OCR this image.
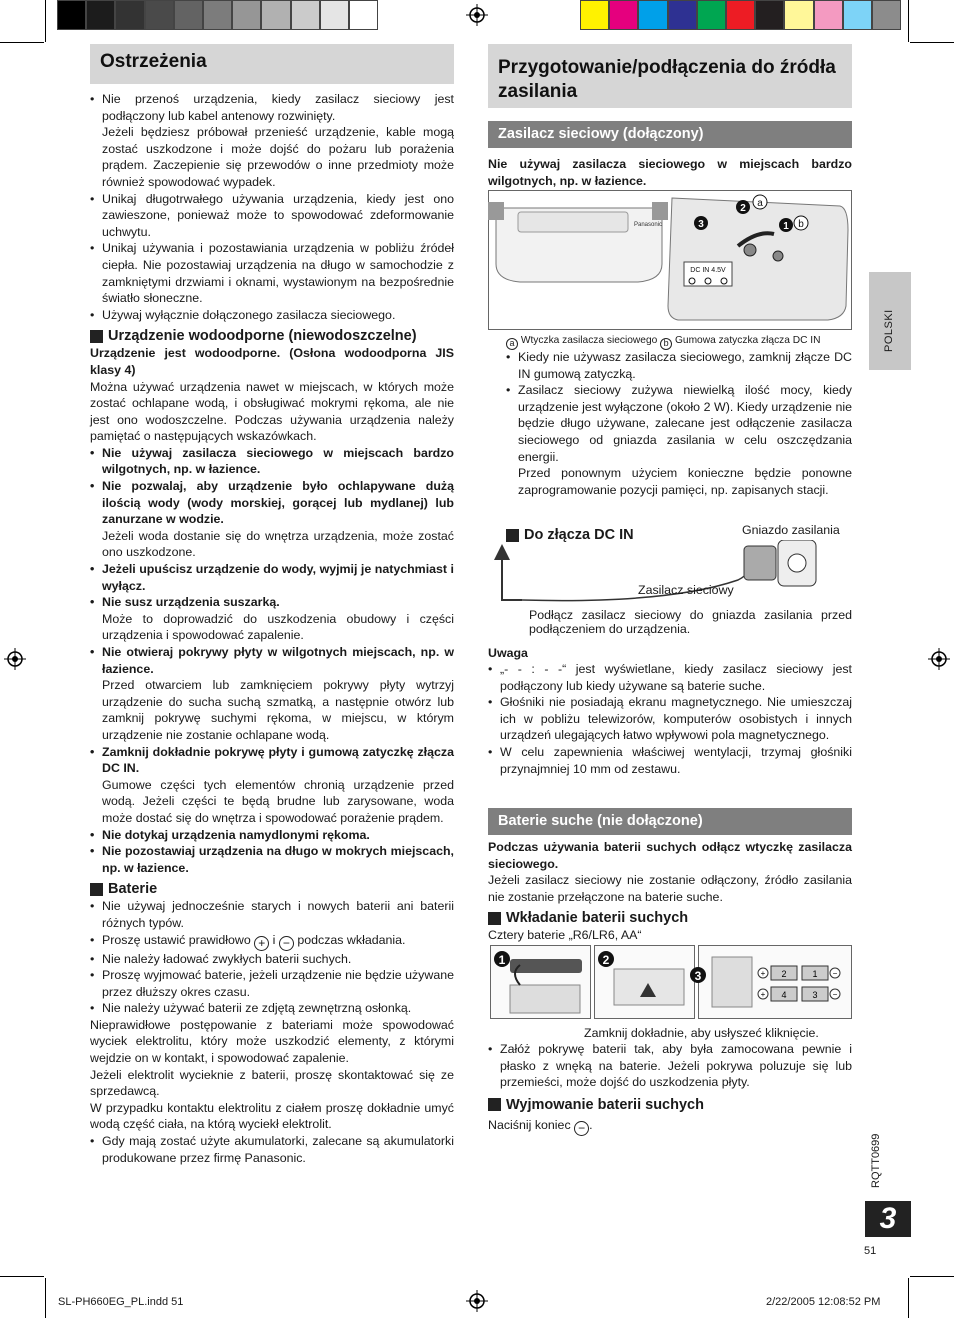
Ostrzeżenia
• Nie przenoś urządzenia, kiedy zasilacz sieciowy jest podłączony lub kabel antenowy rozwinięty.
Jeżeli będziesz próbował przenieść urządzenie, kable mogą zostać uszkodzone i może dojść do pożaru lub porażenia prądem. Zaczepienie się przewodów o inne przedmioty może również spowodować wypadek.
• Unikaj długotrwałego używania urządzenia, kiedy jest ono zawieszone, ponieważ może to spowodować zdeformowanie uchwytu.
• Unikaj używania i pozostawiania urządzenia w pobliżu źródeł ciepła. Nie pozostawiaj urządzenia na długo w samochodzie z zamkniętymi drzwiami i oknami, wystawionym na bezpośrednie światło słoneczne.
• Używaj wyłącznie dołączonego zasilacza sieciowego.
Urządzenie wodoodporne (niewodoszczelne)

Urządzenie jest wodoodporne. (Osłona wodoodporna JIS klasy 4)

Można używać urządzenia nawet w miejscach, w których może zostać ochlapane wodą, i obsługiwać mokrymi rękoma, ale nie jest ono wodoszczelne. Podczas używania urządzenia należy pamiętać o następujących wskazówkach.

• Nie używaj zasilacza sieciowego w miejscach bardzo wilgotnych, np. w łazience.
• Nie pozwalaj, aby urządzenie było ochlapywane dużą ilością wody (wody morskiej, gorącej lub mydlanej) lub zanurzane w wodzie.
Jeżeli woda dostanie się do wnętrza urządzenia, może zostać ono uszkodzone.
• Jeżeli upuścisz urządzenie do wody, wyjmij je natychmiast i wyłącz.
• Nie susz urządzenia suszarką.
Może to doprowadzić do uszkodzenia obudowy i części urządzenia i spowodować zapalenie.
• Nie otwieraj pokrywy płyty w wilgotnych miejscach, np. w łazience.
Przed otwarciem lub zamknięciem pokrywy płyty wytrzyj urządzenie do sucha suchą szmatką, a następnie otwórz lub zamknij pokrywę suchymi rękoma, w miejscu, w którym urządzenie nie zostanie ochlapane wodą.
• Zamknij dokładnie pokrywę płyty i gumową zatyczkę złącza DC IN.
Gumowe części tych elementów chronią urządzenie przed wodą. Jeżeli części te będą brudne lub zarysowane, woda może dostać się do wnętrza i spowodować porażenie prądem.
• Nie dotykaj urządzenia namydlonymi rękoma.
• Nie pozostawiaj urządzenia na długo w mokrych miejscach, np. w łazience.
Baterie
• Nie używaj jednocześnie starych i nowych baterii ani baterii różnych typów.
• Proszę ustawić prawidłowo + i − podczas wkładania.
• Nie należy ładować zwykłych baterii suchych.
• Proszę wyjmować baterie, jeżeli urządzenie nie będzie używane przez dłuższy okres czasu.
• Nie należy używać baterii ze zdjętą zewnętrzną osłonką.

Nieprawidłowe postępowanie z bateriami może spowodować wyciek elektrolitu, który może uszkodzić elementy, z którymi wejdzie on w kontakt, i spowodować zapalenie.

Jeżeli elektrolit wycieknie z baterii, proszę skontaktować się ze sprzedawcą.

W przypadku kontaktu elektrolitu z ciałem proszę dokładnie umyć wodą część ciała, na którą wyciekł elektrolit.

• Gdy mają zostać użyte akumulatorki, zalecane są akumulatorki produkowane przez firmę Panasonic.
Przygotowanie/podłączenia do źródła zasilania
Zasilacz sieciowy (dołączony)

Nie używaj zasilacza sieciowego w miejscach bardzo wilgotnych, np. w łazience.

Panasonic
DC IN 4.5V
3
2 a
1 b
a Wtyczka zasilacza sieciowego b Gumowa zatyczka złącza DC IN
• Kiedy nie używasz zasilacza sieciowego, zamknij złącze DC IN gumową zatyczką.
• Zasilacz sieciowy zużywa niewielką ilość mocy, kiedy urządzenie jest wyłączone (około 2 W). Kiedy urządzenie nie będzie długo używane, zalecane jest odłączenie zasilacza sieciowego od gniazda zasilania w celu oszczędzania energii.
Przed ponownym użyciem konieczne będzie ponowne zaprogramowanie pozycji pamięci, np. zapisanych stacji.
Do złącza DC IN	Gniazdo zasilania
Zasilacz sieciowy

Podłącz zasilacz sieciowy do gniazda zasilania przed podłączeniem do urządzenia.

Uwaga

• „- - : - -“ jest wyświetlane, kiedy zasilacz sieciowy jest podłączony lub kiedy używane są baterie suche.
• Głośniki nie posiadają ekranu magnetycznego. Nie umieszczaj ich w pobliżu telewizorów, komputerów osobistych i innych urządzeń ulegających łatwo wpływowi pola magnetycznego.
• W celu zapewnienia właściwej wentylacji, trzymaj głośniki przynajmniej 10 mm od zestawu.
Baterie suche (nie dołączone)

Podczas używania baterii suchych odłącz wtyczkę zasilacza sieciowego.

Jeżeli zasilacz sieciowy nie zostanie odłączony, źródło zasilania nie zostanie przełączone na baterie suche.

Wkładanie baterii suchych

Cztery baterie „R6/LR6, AA“

1	2
3	+ 2	1 −
+ 4	3 −
Zamknij dokładnie, aby usłyszeć kliknięcie.
• Załóż pokrywę baterii tak, aby była zamocowana pewnie i płasko z wnęką na baterie. Jeżeli pokrywa poluzuje się lub przemieści, może dojść do uszkodzenia płyty.
Wyjmowanie baterii suchych

Naciśnij koniec − .

POLSKI
RQTT0699
3
51
SL-PH660EG_PL.indd 51	2/22/2005 12:08:52 PM
